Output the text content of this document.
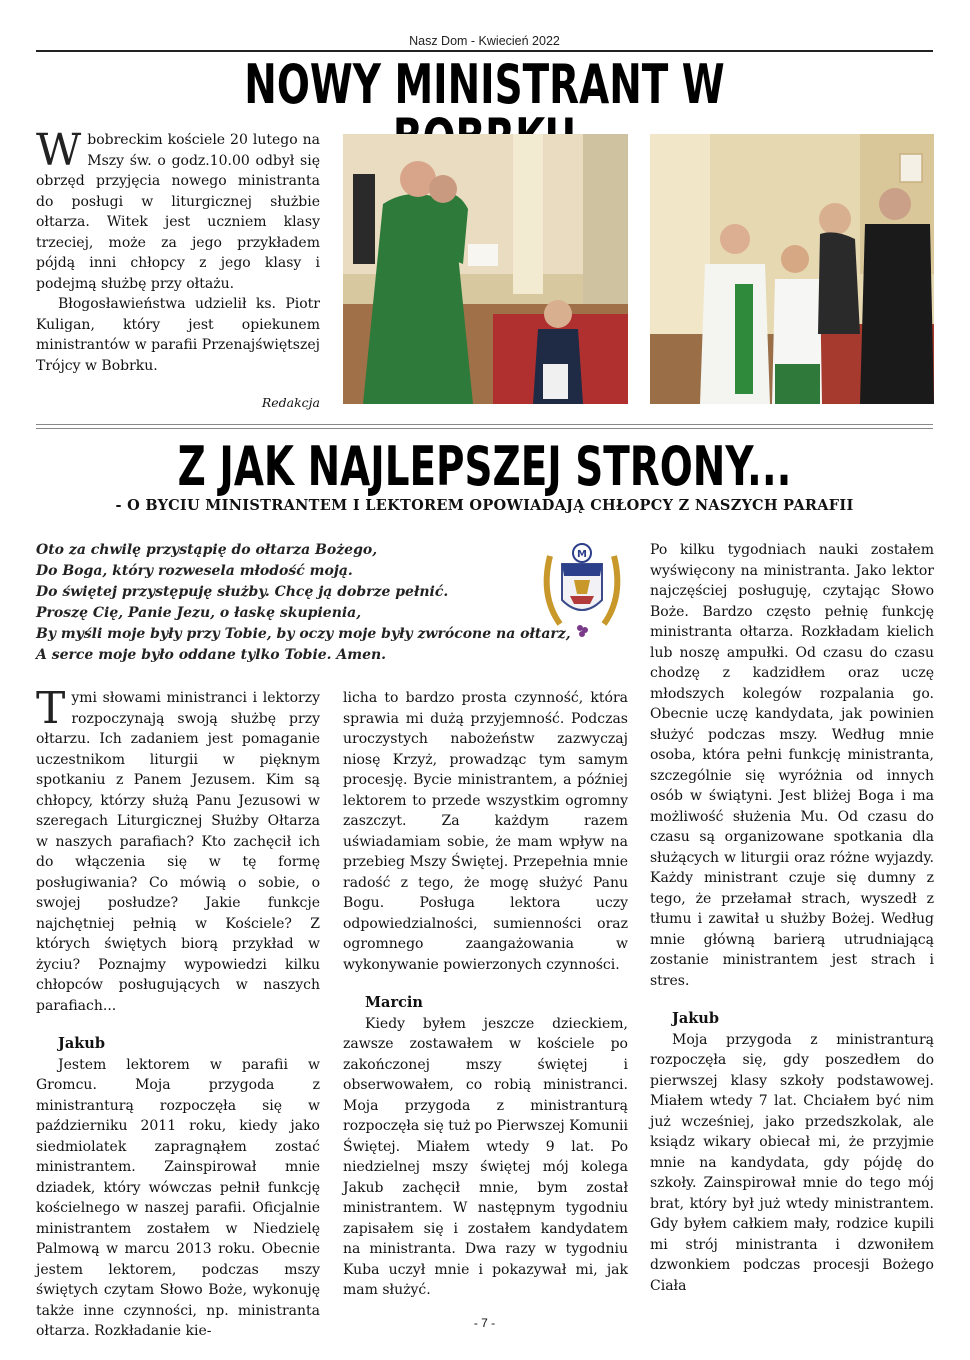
Nasz Dom - Kwiecień 2022
NOWY MINISTRANT W

Wbobreckim kościele 20 lutego na Mszy św. o godz.10.00 odbył się obrzęd przyjęcia nowego ministranta do posługi w liturgicznej służbie ołtarza. Witek jest uczniem klasy trzeciej, może za jego przykładem pójdą inni chłopcy z jego klasy i podejmą służbę przy ołtażu.

Błogosławieństwa udzielił ks. Piotr Kuligan, który jest opiekunem ministrantów w parafii Przenajświętszej Trójcy w Bobrku.

Redakcja
Z JAK NAJLEPSZEJ STRONY...
- O BYCIU MINISTRANTEM I LEKTOREM OPOWIADAJĄ CHŁOPCY Z NASZYCH PARAFII
Oto za chwilę przystąpię do ołtarza Bożego,
Do Boga, który rozwesela młodość moją.
Do świętej przystępuję służby. Chcę ją dobrze pełnić.
Proszę Cię, Panie Jezu, o łaskę skupienia,
By myśli moje były przy Tobie, by oczy moje były zwrócone na ołtarz,
A serce moje było oddane tylko Tobie. Amen.
M

Tymi słowami ministranci i lektorzy rozpoczynają swoją służbę przy ołtarzu. Ich zadaniem jest pomaganie uczestnikom liturgii w pięknym spotkaniu z Panem Jezusem. Kim są chłopcy, którzy służą Panu Jezusowi w szeregach Liturgicznej Służby Ołtarza w naszych parafiach? Kto zachęcił ich do włączenia się w tę formę posługiwania? Co mówią o sobie, o swojej posłudze? Jakie funkcje najchętniej pełnią w Kościele? Z których świętych biorą przykład w życiu? Poznajmy wypowiedzi kilku chłopców posługujących w naszych parafiach...

Jakub

Jestem lektorem w parafii w Gromcu. Moja przygoda z ministranturą rozpoczęła się w październiku 2011 roku, kiedy jako siedmiolatek zapragnąłem zostać ministrantem. Zainspirował mnie dziadek, który wówczas pełnił funkcję kościelnego w naszej parafii. Oficjalnie ministrantem zostałem w Niedzielę Palmową w marcu 2013 roku. Obecnie jestem lektorem, podczas mszy świętych czytam Słowo Boże, wykonuję także inne czynności, np. ministranta ołtarza. Rozkładanie kie-

licha to bardzo prosta czynność, która sprawia mi dużą przyjemność. Podczas uroczystych nabożeństw zazwyczaj niosę Krzyż, prowadząc tym samym procesję. Bycie ministrantem, a później lektorem to przede wszystkim ogromny zaszczyt. Za każdym razem uświadamiam sobie, że mam wpływ na przebieg Mszy Świętej. Przepełnia mnie radość z tego, że mogę służyć Panu Bogu. Posługa lektora uczy odpowiedzialności, sumienności oraz ogromnego zaangażowania w wykonywanie powierzonych czynności.

Marcin

Kiedy byłem jeszcze dzieckiem, zawsze zostawałem w kościele po zakończonej mszy świętej i obserwowałem, co robią ministranci. Moja przygoda z ministranturą rozpoczęła się tuż po Pierwszej Komunii Świętej. Miałem wtedy 9 lat. Po niedzielnej mszy świętej mój kolega Jakub zachęcił mnie, bym został ministrantem. W następnym tygodniu zapisałem się i zostałem kandydatem na ministranta. Dwa razy w tygodniu Kuba uczył mnie i pokazywał mi, jak mam służyć.

Po kilku tygodniach nauki zostałem wyświęcony na ministranta. Jako lektor najczęściej posługuję, czytając Słowo Boże. Bardzo często pełnię funkcję ministranta ołtarza. Rozkładam kielich lub noszę ampułki. Od czasu do czasu chodzę z kadzidłem oraz uczę młodszych kolegów rozpalania go. Obecnie uczę kandydata, jak powinien służyć podczas mszy. Według mnie osoba, która pełni funkcję ministranta, szczególnie się wyróżnia od innych osób w świątyni. Jest bliżej Boga i ma możliwość służenia Mu. Od czasu do czasu są organizowane spotkania dla służących w liturgii oraz różne wyjazdy. Każdy ministrant czuje się dumny z tego, że przełamał strach, wyszedł z tłumu i zawitał u służby Bożej. Według mnie główną barierą utrudniającą zostanie ministrantem jest strach i stres.

Jakub

Moja przygoda z ministranturą rozpoczęła się, gdy poszedłem do pierwszej klasy szkoły podstawowej. Miałem wtedy 7 lat. Chciałem być nim już wcześniej, jako przedszkolak, ale ksiądz wikary obiecał mi, że przyjmie mnie na kandydata, gdy pójdę do szkoły. Zainspirował mnie do tego mój brat, który był już wtedy ministrantem. Gdy byłem całkiem mały, rodzice kupili mi strój ministranta i dzwoniłem dzwonkiem podczas procesji Bożego Ciała

- 7 -
